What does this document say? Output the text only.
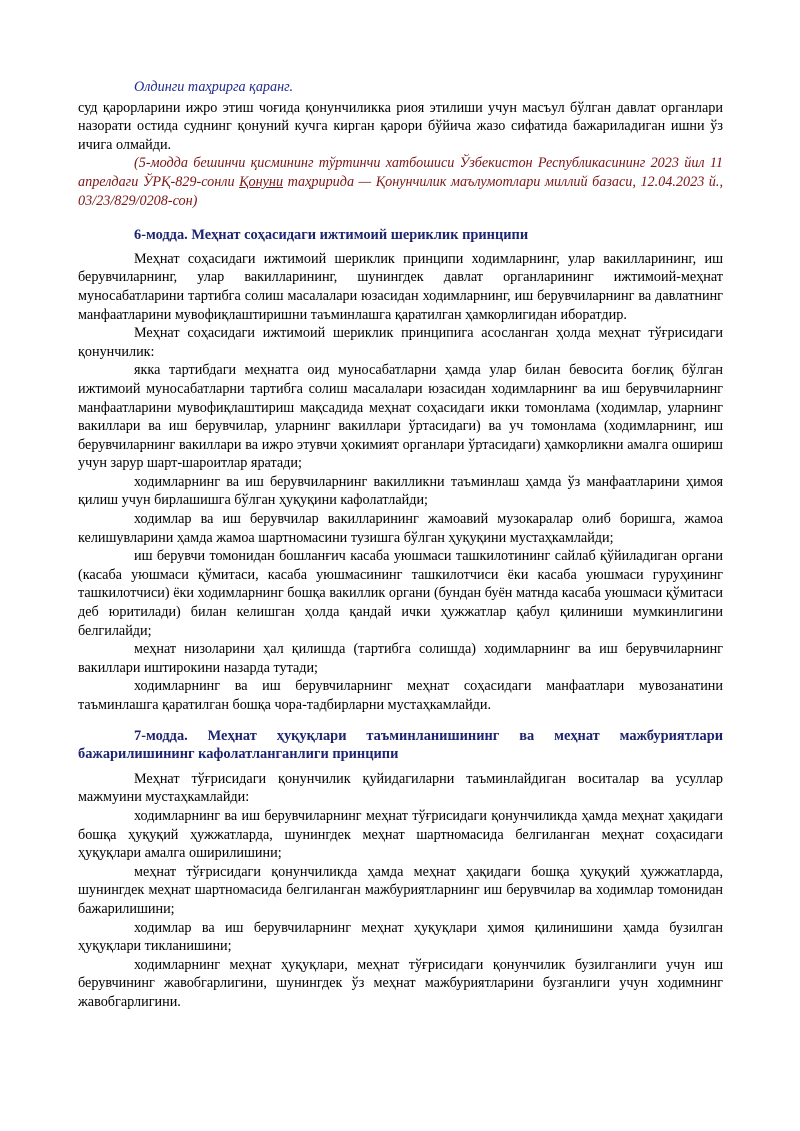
Олдинги таҳрирга қаранг.

суд қарорларини ижро этиш чоғида қонунчиликка риоя этилиши учун масъул бўлган давлат органлари назорати остида суднинг қонуний кучга кирган қарори бўйича жазо сифатида бажариладиган ишни ўз ичига олмайди.

(5-модда бешинчи қисмининг тўртинчи хатбошиси Ўзбекистон Республикасининг 2023 йил 11 апрелдаги ЎРҚ-829-сонли Қонуни таҳририда — Қонунчилик маълумотлари миллий базаси, 12.04.2023 й., 03/23/829/0208-сон)

6-модда. Меҳнат соҳасидаги ижтимоий шериклик принципи

Меҳнат соҳасидаги ижтимоий шериклик принципи ходимларнинг, улар вакилларининг, иш берувчиларнинг, улар вакилларининг, шунингдек давлат органларининг ижтимоий-меҳнат муносабатларини тартибга солиш масалалари юзасидан ходимларнинг, иш берувчиларнинг ва давлатнинг манфаатларини мувофиқлаштиришни таъминлашга қаратилган ҳамкорлигидан иборатдир.

Меҳнат соҳасидаги ижтимоий шериклик принципига асосланган ҳолда меҳнат тўғрисидаги қонунчилик:

якка тартибдаги меҳнатга оид муносабатларни ҳамда улар билан бевосита боғлиқ бўлган ижтимоий муносабатларни тартибга солиш масалалари юзасидан ходимларнинг ва иш берувчиларнинг манфаатларини мувофиқлаштириш мақсадида меҳнат соҳасидаги икки томонлама (ходимлар, уларнинг вакиллари ва иш берувчилар, уларнинг вакиллари ўртасидаги) ва уч томонлама (ходимларнинг, иш берувчиларнинг вакиллари ва ижро этувчи ҳокимият органлари ўртасидаги) ҳамкорликни амалга ошириш учун зарур шарт-шароитлар яратади;

ходимларнинг ва иш берувчиларнинг вакилликни таъминлаш ҳамда ўз манфаатларини ҳимоя қилиш учун бирлашишга бўлган ҳуқуқини кафолатлайди;

ходимлар ва иш берувчилар вакилларининг жамоавий музокаралар олиб боришга, жамоа келишувларини ҳамда жамоа шартномасини тузишга бўлган ҳуқуқини мустаҳкамлайди;

иш берувчи томонидан бошланғич касаба уюшмаси ташкилотининг сайлаб қўйиладиган органи (касаба уюшмаси қўмитаси, касаба уюшмасининг ташкилотчиси ёки касаба уюшмаси гуруҳининг ташкилотчиси) ёки ходимларнинг бошқа вакиллик органи (бундан буён матнда касаба уюшмаси қўмитаси деб юритилади) билан келишган ҳолда қандай ички ҳужжатлар қабул қилиниши мумкинлигини белгилайди;

меҳнат низоларини ҳал қилишда (тартибга солишда) ходимларнинг ва иш берувчиларнинг вакиллари иштирокини назарда тутади;

ходимларнинг ва иш берувчиларнинг меҳнат соҳасидаги манфаатлари мувозанатини таъминлашга қаратилган бошқа чора-тадбирларни мустаҳкамлайди.

7-модда. Меҳнат ҳуқуқлари таъминланишининг ва меҳнат мажбуриятлари бажарилишининг кафолатланганлиги принципи

Меҳнат тўғрисидаги қонунчилик қуйидагиларни таъминлайдиган воситалар ва усуллар мажмуини мустаҳкамлайди:

ходимларнинг ва иш берувчиларнинг меҳнат тўғрисидаги қонунчиликда ҳамда меҳнат ҳақидаги бошқа ҳуқуқий ҳужжатларда, шунингдек меҳнат шартномасида белгиланган меҳнат соҳасидаги ҳуқуқлари амалга оширилишини;

меҳнат тўғрисидаги қонунчиликда ҳамда меҳнат ҳақидаги бошқа ҳуқуқий ҳужжатларда, шунингдек меҳнат шартномасида белгиланган мажбуриятларнинг иш берувчилар ва ходимлар томонидан бажарилишини;

ходимлар ва иш берувчиларнинг меҳнат ҳуқуқлари ҳимоя қилинишини ҳамда бузилган ҳуқуқлари тикланишини;

ходимларнинг меҳнат ҳуқуқлари, меҳнат тўғрисидаги қонунчилик бузилганлиги учун иш берувчининг жавобгарлигини, шунингдек ўз меҳнат мажбуриятларини бузганлиги учун ходимнинг жавобгарлигини.
